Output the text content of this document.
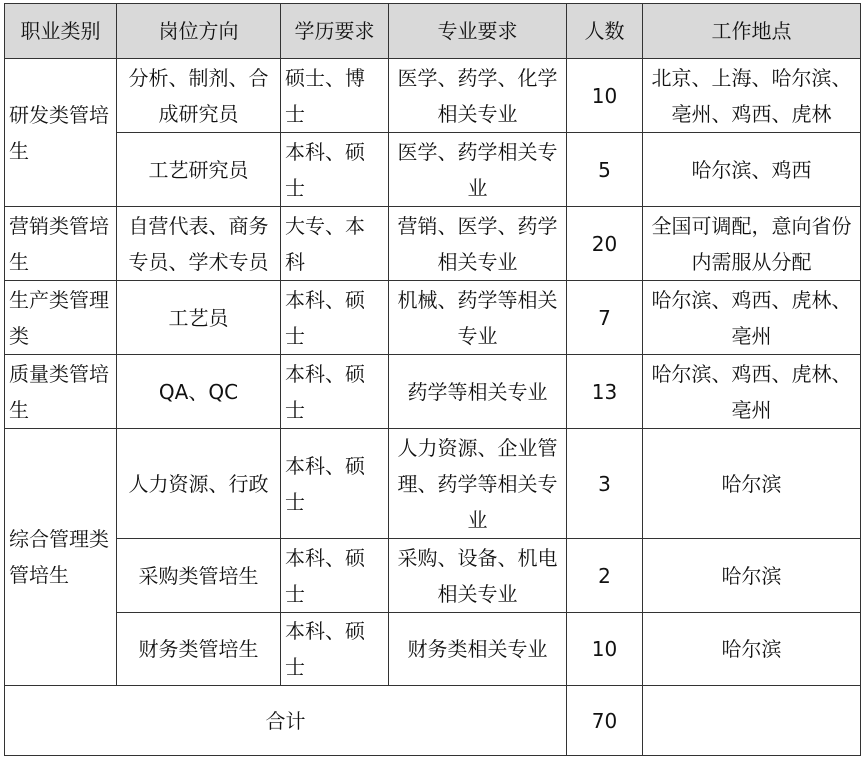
职业类别	岗位方向	学历要求	专业要求	人数	工作地点
研发类管培生	分析、制剂、合成研究员	硕士、博士	医学、药学、化学相关专业	10	北京、上海、哈尔滨、亳州、鸡西、虎林
	工艺研究员	本科、硕士	医学、药学相关专业	5	哈尔滨、鸡西
营销类管培生	自营代表、商务专员、学术专员	大专、本科	营销、医学、药学相关专业	20	全国可调配，意向省份内需服从分配
生产类管理类	工艺员	本科、硕士	机械、药学等相关专业	7	哈尔滨、鸡西、虎林、亳州
质量类管培生	QA、QC	本科、硕士	药学等相关专业	13	哈尔滨、鸡西、虎林、亳州
综合管理类管培生	人力资源、行政	本科、硕士	人力资源、企业管理、药学等相关专业	3	哈尔滨
	采购类管培生	本科、硕士	采购、设备、机电相关专业	2	哈尔滨
	财务类管培生	本科、硕士	财务类相关专业	10	哈尔滨
合计				70	
